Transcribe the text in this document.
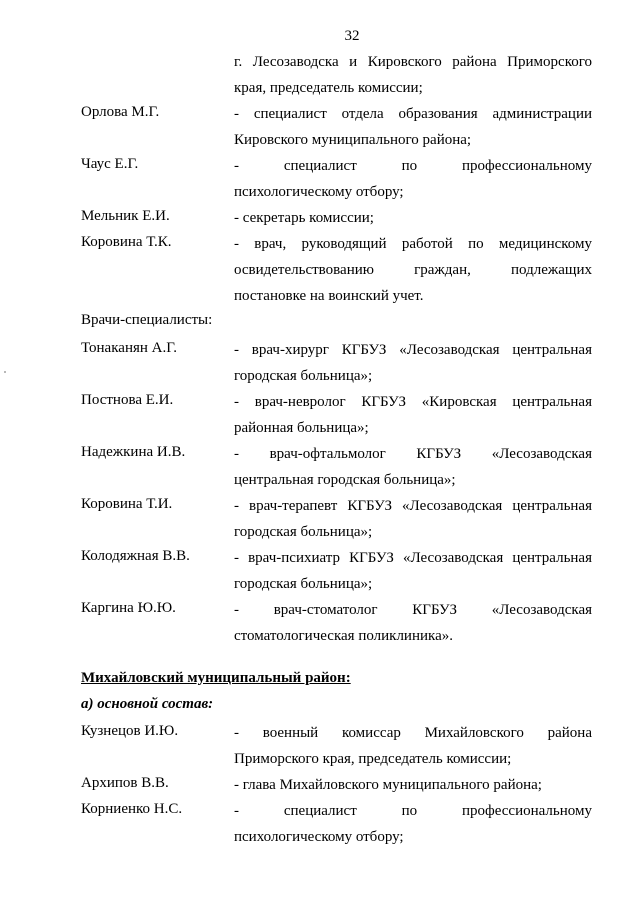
32
г. Лесозаводска и Кировского района Приморского
края, председатель комиссии;
Орлова М.Г.	- специалист отдела образования администрации
Кировского муниципального района;
Чаус Е.Г.	- специалист по профессиональному
психологическому отбору;
Мельник Е.И.	- секретарь комиссии;
Коровина Т.К.	- врач, руководящий работой по медицинскому
освидетельствованию граждан, подлежащих
постановке на воинский учет.
Врачи-специалисты:
Тонаканян А.Г.	- врач-хирург КГБУЗ «Лесозаводская центральная
городская больница»;
Постнова Е.И.	- врач-невролог КГБУЗ «Кировская центральная
районная больница»;
Надежкина И.В.	- врач-офтальмолог КГБУЗ «Лесозаводская
центральная городская больница»;
Коровина Т.И.	- врач-терапевт КГБУЗ «Лесозаводская центральная
городская больница»;
Колодяжная В.В.	- врач-психиатр КГБУЗ «Лесозаводская центральная
городская больница»;
Каргина Ю.Ю.	- врач-стоматолог КГБУЗ «Лесозаводская
стоматологическая поликлиника».
Михайловский муниципальный район:
а) основной состав:
Кузнецов И.Ю.	- военный комиссар Михайловского района
Приморского края, председатель комиссии;
Архипов В.В.	- глава Михайловского муниципального района;
Корниенко Н.С.	- специалист по профессиональному
психологическому отбору;
